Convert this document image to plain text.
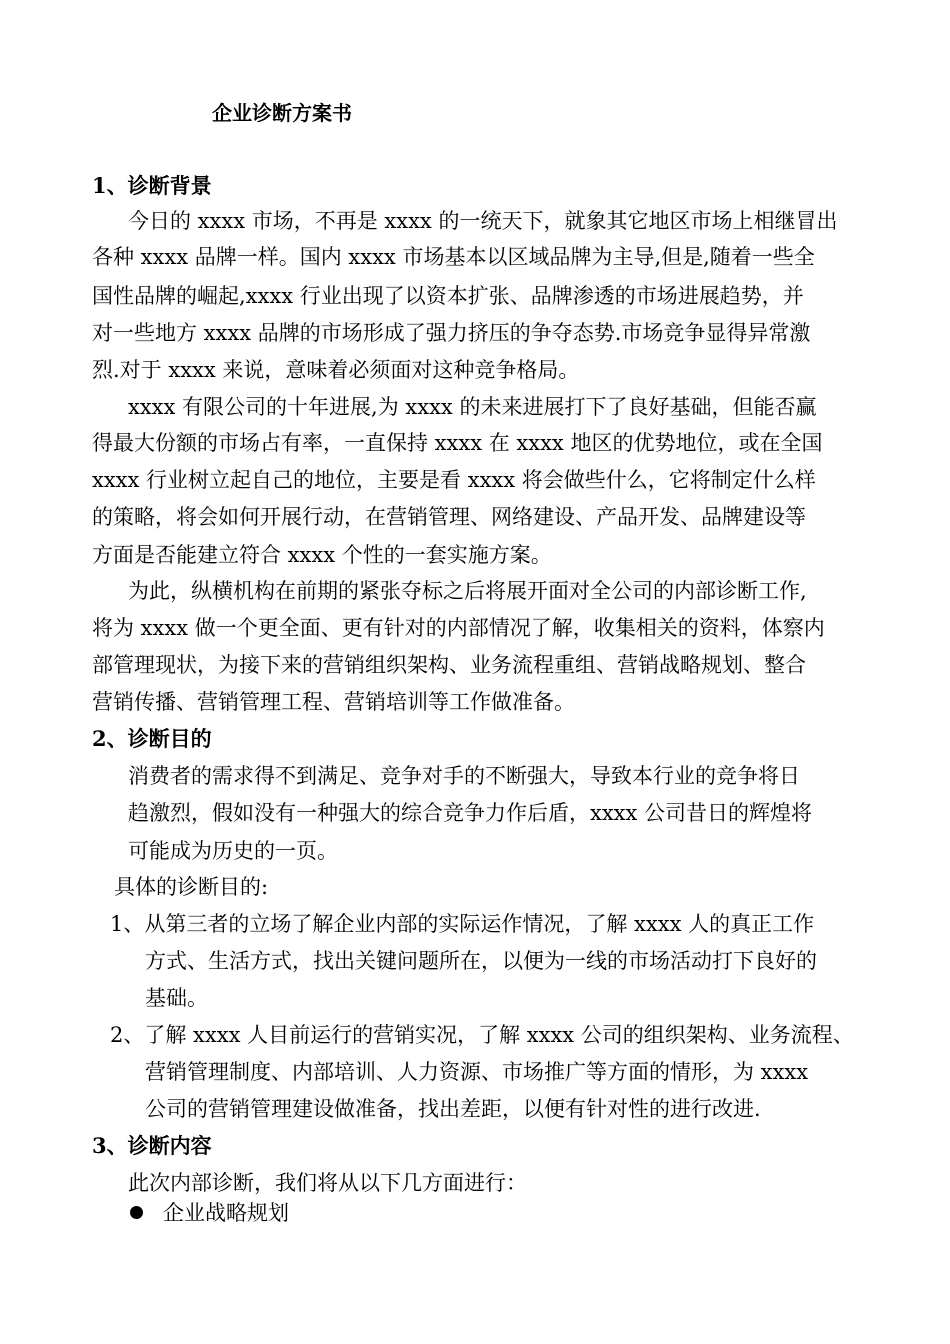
企业诊断方案书
1、诊断背景
今日的 xxxx 市场，不再是 xxxx 的一统天下，就象其它地区市场上相继冒出
各种 xxxx 品牌一样。国内 xxxx 市场基本以区域品牌为主导,但是,随着一些全
国性品牌的崛起,xxxx 行业出现了以资本扩张、品牌渗透的市场进展趋势，并
对一些地方 xxxx 品牌的市场形成了强力挤压的争夺态势.市场竞争显得异常激
烈.对于 xxxx 来说，意味着必须面对这种竞争格局。
xxxx 有限公司的十年进展,为 xxxx 的未来进展打下了良好基础，但能否赢
得最大份额的市场占有率，一直保持 xxxx 在 xxxx 地区的优势地位，或在全国
xxxx 行业树立起自己的地位，主要是看 xxxx 将会做些什么，它将制定什么样
的策略，将会如何开展行动，在营销管理、网络建设、产品开发、品牌建设等
方面是否能建立符合 xxxx 个性的一套实施方案。
为此，纵横机构在前期的紧张夺标之后将展开面对全公司的内部诊断工作,
将为 xxxx 做一个更全面、更有针对的内部情况了解，收集相关的资料，体察内
部管理现状，为接下来的营销组织架构、业务流程重组、营销战略规划、整合
营销传播、营销管理工程、营销培训等工作做准备。
2、诊断目的
消费者的需求得不到满足、竞争对手的不断强大，导致本行业的竞争将日
趋激烈，假如没有一种强大的综合竞争力作后盾，xxxx 公司昔日的辉煌将
可能成为历史的一页。
具体的诊断目的:
1、从第三者的立场了解企业内部的实际运作情况，了解 xxxx 人的真正工作
方式、生活方式，找出关键问题所在，以便为一线的市场活动打下良好的
基础。
2、了解 xxxx 人目前运行的营销实况，了解 xxxx 公司的组织架构、业务流程、
营销管理制度、内部培训、人力资源、市场推广等方面的情形，为 xxxx
公司的营销管理建设做准备，找出差距，以便有针对性的进行改进.
3、诊断内容
此次内部诊断，我们将从以下几方面进行：
企业战略规划
